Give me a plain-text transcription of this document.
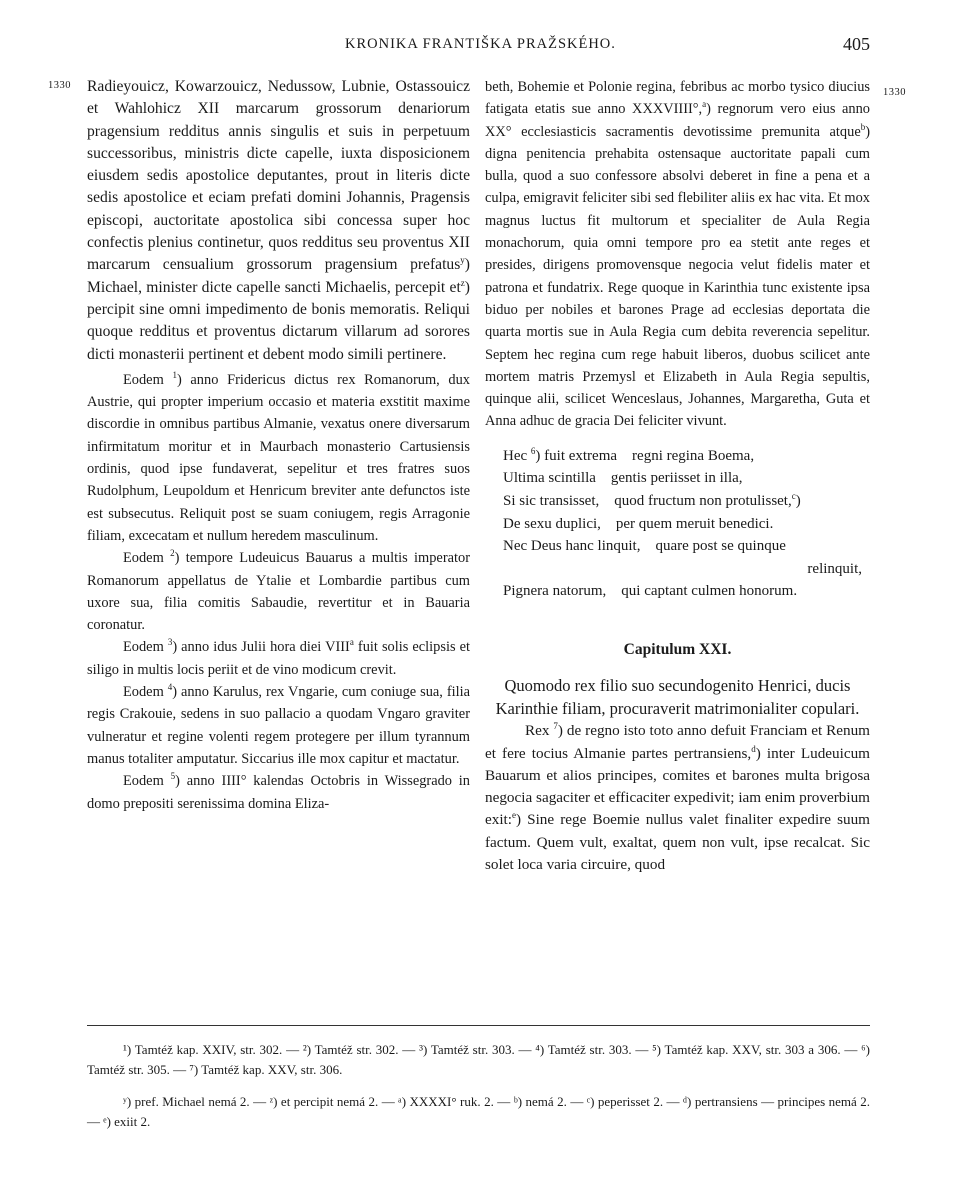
KRONIKA FRANTIŠKA PRAŽSKÉHO.	405
1330
1330

Radieyouicz, Kowarzouicz, Nedussow, Lubnie, Ostassouicz et Wahlohicz XII marcarum grossorum denariorum pragensium redditus annis singulis et suis in perpetuum successoribus, ministris dicte capelle, iuxta disposicionem eiusdem sedis apostolice deputantes, prout in literis dicte sedis apostolice et eciam prefati domini Johannis, Pragensis episcopi, auctoritate apostolica sibi concessa super hoc confectis plenius continetur, quos redditus seu proventus XII marcarum censualium grossorum pragensium prefatus$^y$) Michael, minister dicte capelle sancti Michaelis, percepit $et^z$) percipit sine omni impedimento de bonis memoratis. Reliqui quoque redditus et proventus dictarum villarum ad sorores dicti monasterii pertinent et debent modo simili pertinere.

Eodem $^1$) anno Fridericus dictus rex Romanorum, dux Austrie, qui propter imperium occasio et materia exstitit maxime discordie in omnibus partibus Almanie, vexatus onere diversarum infirmitatum moritur et in Maurbach monasterio Cartusiensis ordinis, quod ipse fundaverat, sepelitur et tres fratres suos Rudolphum, Leupoldum et Henricum breviter ante defunctos iste est subsecutus. Reliquit post se suam coniugem, regis Arragonie filiam, excecatam et nullum heredem masculinum.

Eodem $^2$) tempore Ludeuicus Bauarus a multis imperator Romanorum appellatus de Ytalie et Lombardie partibus cum uxore sua, filia comitis Sabaudie, revertitur et in Bauaria coronatur.

Eodem $^3$) anno idus Julii hora diei VIII$^a$ fuit solis eclipsis et siligo in multis locis periit et de vino modicum crevit.

Eodem $^4$) anno Karulus, rex Vngarie, cum coniuge sua, filia regis Crakouie, sedens in suo pallacio a quodam Vngaro graviter vulneratur et regine volenti regem protegere per illum tyrannum manus totaliter amputatur. Siccarius ille mox capitur et mactatur.

Eodem $^5$) anno IIII° kalendas Octobris in Wissegrado in domo prepositi serenissima domina Eliza-

beth, Bohemie et Polonie regina, febribus ac morbo tysico diucius fatigata etatis sue anno XXXVIIII°,$^a$) regnorum vero eius anno XX° ecclesiasticis sacramentis devotissime premunita atque$^b$) digna penitencia prehabita ostensaque auctoritate papali cum bulla, quod a suo confessore absolvi deberet in fine a pena et a culpa, emigravit feliciter sibi sed flebiliter aliis ex hac vita. Et mox magnus luctus fit multorum et specialiter de Aula Regia monachorum, quia omni tempore pro ea stetit ante reges et presides, dirigens promovensque negocia velut fidelis mater et patrona et fundatrix. Rege quoque in Karinthia tunc existente ipsa biduo per nobiles et barones Prage ad ecclesias deportata die quarta mortis sue in Aula Regia cum debita reverencia sepelitur. Septem hec regina cum rege habuit liberos, duobus scilicet ante mortem matris Przemysl et Elizabeth in Aula Regia sepultis, quinque alii, scilicet Wenceslaus, Johannes, Margaretha, Guta et Anna adhuc de gracia Dei feliciter vivunt.

Hec $^6$) fuit extrema    regni regina Boema,
Ultima scintilla    gentis periisset in illa,
Si sic transisset,    quod fructum non protulisset,$^c$)
De sexu duplici,    per quem meruit benedici.
Nec Deus hanc linquit,    quare post se quinque
relinquit,
Pignera natorum,    qui captant culmen honorum.
Capitulum XXI.
Quomodo rex filio suo secundogenito Henrici, ducis Karinthie filiam, procuraverit matrimonialiter copulari.

Rex $^7$) de regno isto toto anno defuit Franciam et Renum et fere tocius Almanie partes pertransiens,$^d$) inter Ludeuicum Bauarum et alios principes, comites et barones multa brigosa negocia sagaciter et efficaciter expedivit; iam enim proverbium exit:$^e$) Sine rege Boemie nullus valet finaliter expedire suum factum. Quem vult, exaltat, quem non vult, ipse recalcat. Sic solet loca varia circuire, quod

¹) Tamtéž kap. XXIV, str. 302. — ²) Tamtéž str. 302. — ³) Tamtéž str. 303. — ⁴) Tamtéž str. 303. — ⁵) Tamtéž kap. XXV, str. 303 a 306. — ⁶) Tamtéž str. 305. — ⁷) Tamtéž kap. XXV, str. 306.

ʸ) pref. Michael nemá 2. — ᶻ) et percipit nemá 2. — ᵃ) XXXXI° ruk. 2. — ᵇ) nemá 2. — ᶜ) peperisset 2. — ᵈ) pertransiens — principes nemá 2. — ᵉ) exiit 2.
